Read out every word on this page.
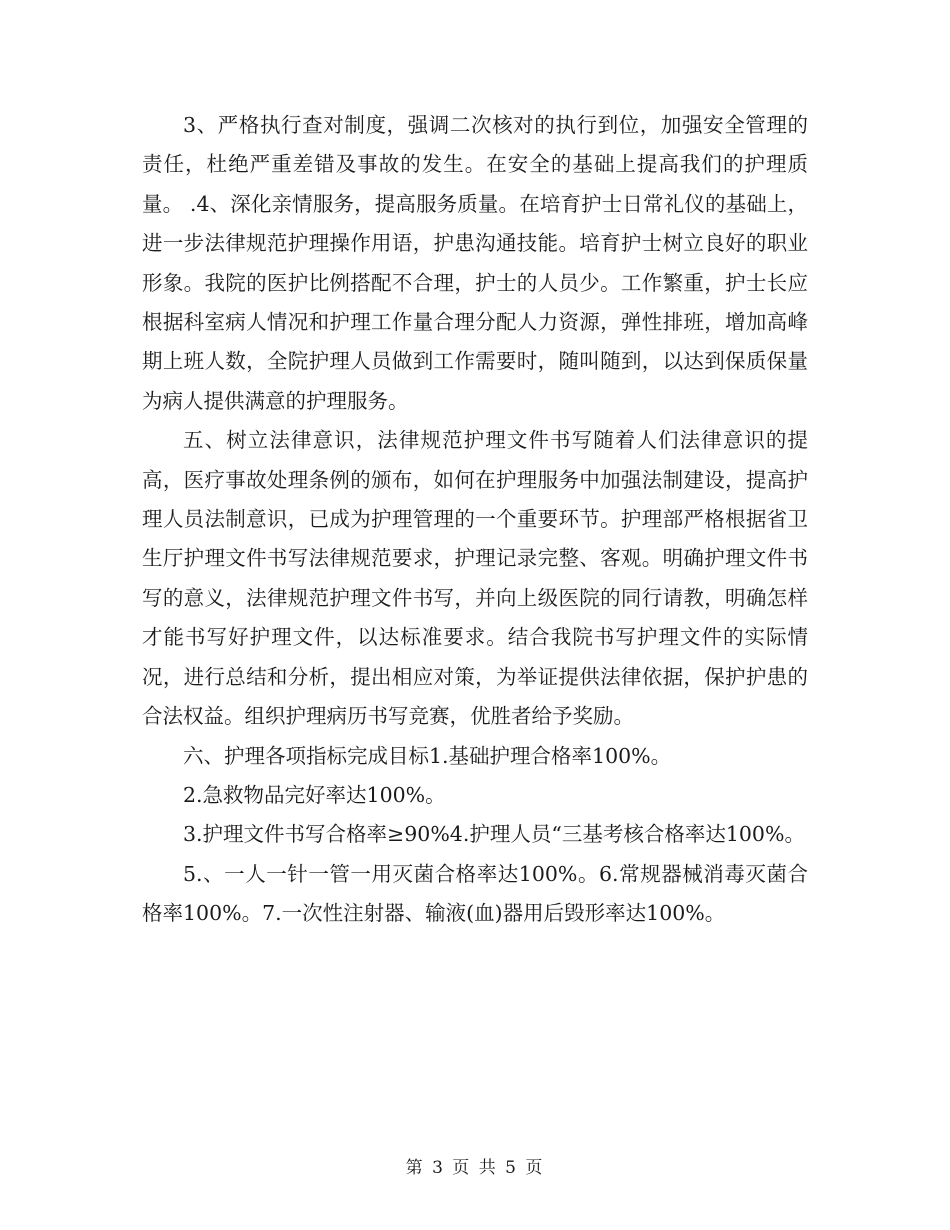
3、严格执行查对制度，强调二次核对的执行到位，加强安全管理的责任，杜绝严重差错及事故的发生。在安全的基础上提高我们的护理质量。 .4、深化亲情服务，提高服务质量。在培育护士日常礼仪的基础上，进一步法律规范护理操作用语，护患沟通技能。培育护士树立良好的职业形象。我院的医护比例搭配不合理，护士的人员少。工作繁重，护士长应根据科室病人情况和护理工作量合理分配人力资源，弹性排班，增加高峰期上班人数，全院护理人员做到工作需要时，随叫随到，以达到保质保量为病人提供满意的护理服务。

五、树立法律意识，法律规范护理文件书写随着人们法律意识的提高，医疗事故处理条例的颁布，如何在护理服务中加强法制建设，提高护理人员法制意识，已成为护理管理的一个重要环节。护理部严格根据省卫生厅护理文件书写法律规范要求，护理记录完整、客观。明确护理文件书写的意义，法律规范护理文件书写，并向上级医院的同行请教，明确怎样才能书写好护理文件，以达标准要求。结合我院书写护理文件的实际情况，进行总结和分析，提出相应对策，为举证提供法律依据，保护护患的合法权益。组织护理病历书写竞赛，优胜者给予奖励。

六、护理各项指标完成目标1.基础护理合格率100%。

2.急救物品完好率达100%。

3.护理文件书写合格率≥90%4.护理人员“三基考核合格率达100%。

5.、一人一针一管一用灭菌合格率达100%。6.常规器械消毒灭菌合格率100%。7.一次性注射器、输液(血)器用后毁形率达100%。

第 3 页 共 5 页
